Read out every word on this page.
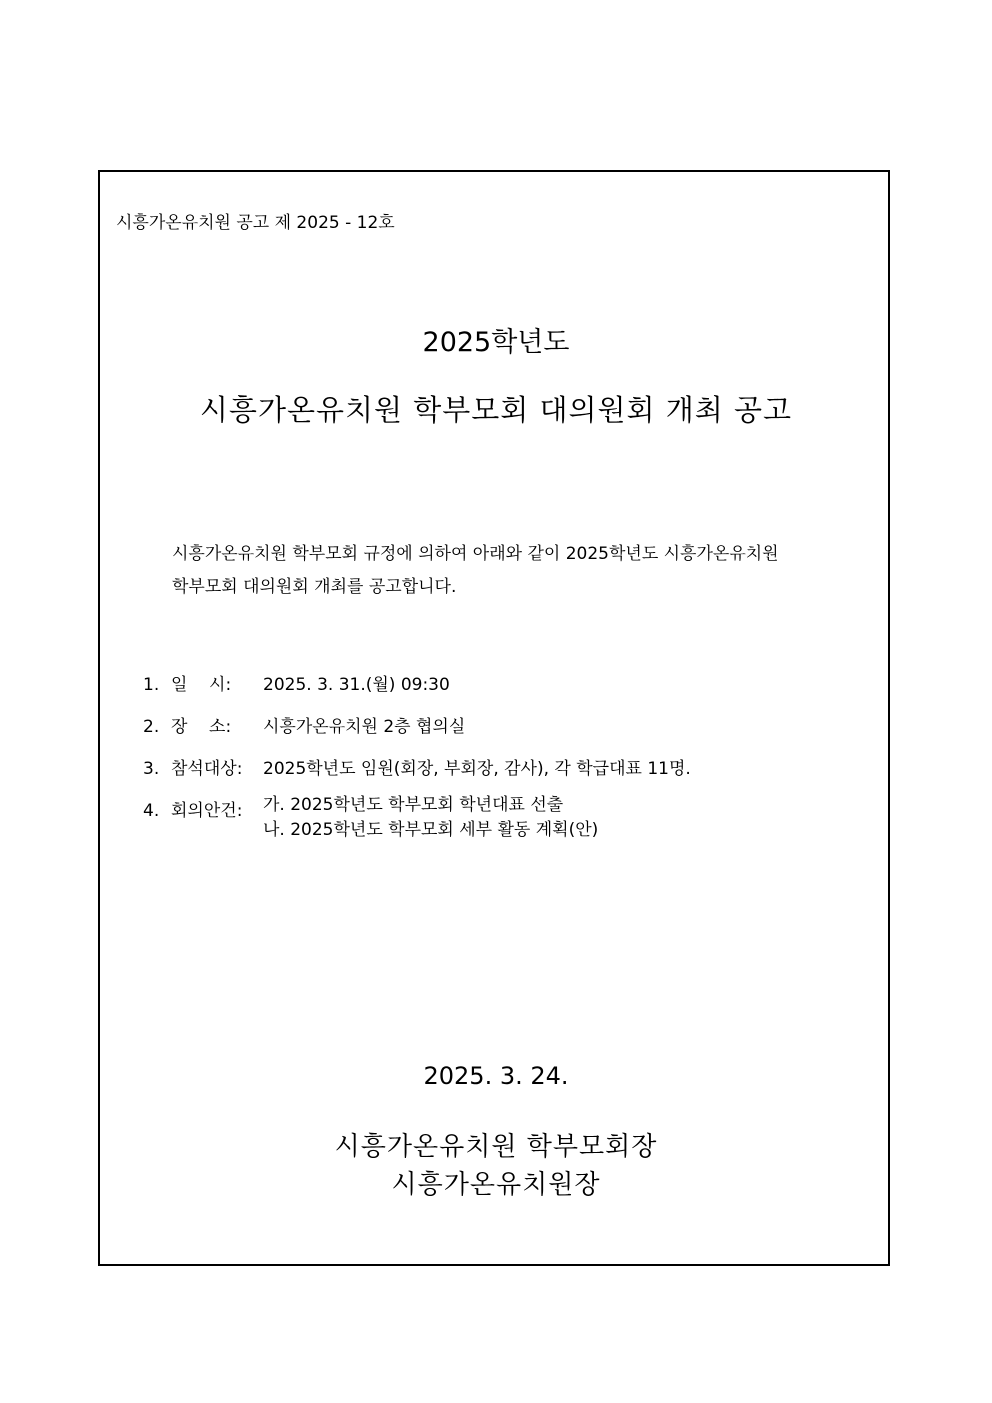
시흥가온유치원 공고 제 2025 - 12호
2025학년도
시흥가온유치원 학부모회 대의원회 개최 공고
시흥가온유치원 학부모회 규정에 의하여 아래와 같이 2025학년도 시흥가온유치원
학부모회 대의원회 개최를 공고합니다.
1. 일    시: 2025. 3. 31.(월) 09:30
2. 장    소: 시흥가온유치원 2층 협의실
3. 참석대상: 2025학년도 임원(회장, 부회장, 감사), 각 학급대표 11명.
4. 회의안건: 가. 2025학년도 학부모회 학년대표 선출
나. 2025학년도 학부모회 세부 활동 계획(안)
2025. 3. 24.
시흥가온유치원 학부모회장
시흥가온유치원장
